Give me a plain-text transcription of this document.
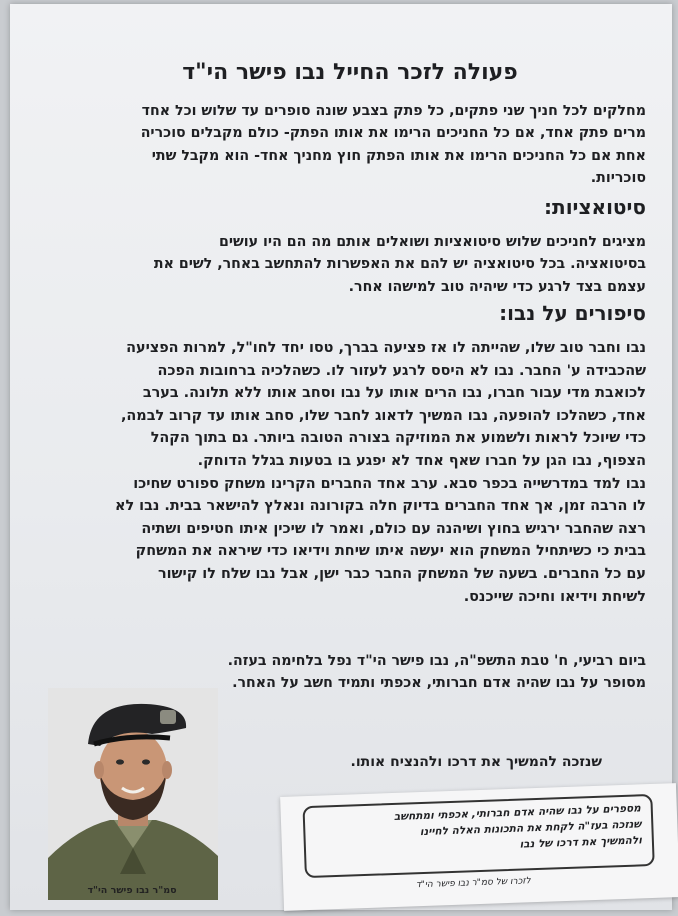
פעולה לזכר החייל נבו פישר הי"ד
מחלקים לכל חניך שני פתקים, כל פתק בצבע שונה סופרים עד שלוש וכל אחד
מרים פתק אחד, אם כל החניכים הרימו את אותו הפתק- כולם מקבלים סוכריה
אחת אם כל החניכים הרימו את אותו הפתק חוץ מחניך אחד- הוא מקבל שתי
סוכריות.
סיטואציות:
מציגים לחניכים שלוש סיטואציות ושואלים אותם מה הם היו עושים
בסיטואציה. בכל סיטואציה יש להם את האפשרות להתחשב באחר, לשים את
עצמם בצד לרגע כדי שיהיה טוב למישהו אחר.
סיפורים על נבו:
נבו וחבר טוב שלו, שהייתה לו אז פציעה בברך, טסו יחד לחו"ל, למרות הפציעה
שהכבידה ע' החבר. נבו לא היסס לרגע לעזור לו. כשהלכיה ברחובות הפכה
לכואבת מדי עבור חברו, נבו הרים אותו על נבו וסחב אותו ללא תלונה. בערב
אחד, כשהלכו להופעה, נבו המשיך לדאוג לחבר שלו, סחב אותו עד קרוב לבמה,
כדי שיוכל לראות ולשמוע את המוזיקה בצורה הטובה ביותר. גם בתוך הקהל
הצפוף, נבו הגן על חברו שאף אחד לא יפגע בו בטעות בגלל הדוחק.
נבו למד במדרשייה בכפר סבא. ערב אחד החברים הקרינו משחק ספורט שחיכו
לו הרבה זמן, אך אחד החברים בדיוק חלה בקורונה ונאלץ להישאר בבית. נבו לא
רצה שהחבר ירגיש בחוץ ושיהנה עם כולם, ואמר לו שיכין איתו חטיפים ושתיה
בבית כי כשיתחיל המשחק הוא יעשה איתו שיחת וידיאו כדי שיראה את המשחק
עם כל החברים. בשעה של המשחק החבר כבר ישן, אבל נבו שלח לו קישור
לשיחת וידיאו וחיכה שייכנס.
ביום רביעי, ח' טבת התשפ"ה, נבו פישר הי"ד נפל בלחימה בעזה.
מסופר על נבו שהיה אדם חברותי, אכפתי ותמיד חשב על האחר.
שנזכה להמשיך את דרכו ולהנציח אותו.
סמ"ר נבו פישר הי"ד
מספרים על נבו שהיה אדם חברותי, אכפתי ומתחשב
שנזכה בעז"ה לקחת את התכונות האלה לחיינו
ולהמשיך את דרכו של נבו
לזכרו של סמ"ר נבו פישר הי"ד
